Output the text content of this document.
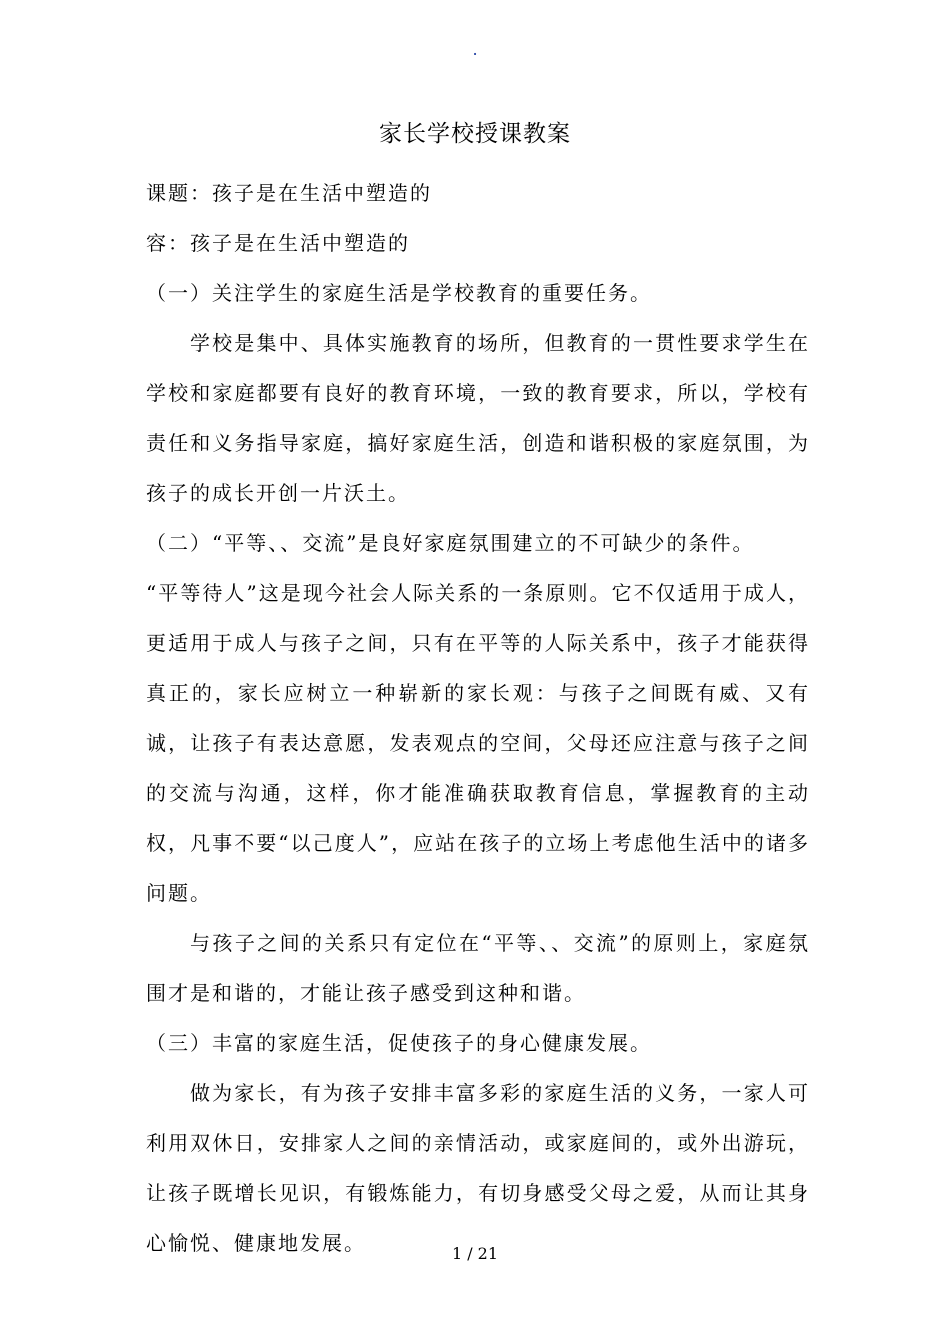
.
家长学校授课教案

课题：孩子是在生活中塑造的

容：孩子是在生活中塑造的

（一）关注学生的家庭生活是学校教育的重要任务。

学校是集中、具体实施教育的场所，但教育的一贯性要求学生在学校和家庭都要有良好的教育环境，一致的教育要求，所以，学校有责任和义务指导家庭，搞好家庭生活，创造和谐积极的家庭氛围，为孩子的成长开创一片沃土。

（二）“平等、、交流”是良好家庭氛围建立的不可缺少的条件。

“平等待人”这是现今社会人际关系的一条原则。它不仅适用于成人，更适用于成人与孩子之间，只有在平等的人际关系中，孩子才能获得真正的，家长应树立一种崭新的家长观：与孩子之间既有威、又有诚，让孩子有表达意愿，发表观点的空间，父母还应注意与孩子之间的交流与沟通，这样，你才能准确获取教育信息，掌握教育的主动权，凡事不要“以己度人”，应站在孩子的立场上考虑他生活中的诸多问题。

与孩子之间的关系只有定位在“平等、、交流”的原则上，家庭氛围才是和谐的，才能让孩子感受到这种和谐。

（三）丰富的家庭生活，促使孩子的身心健康发展。

做为家长，有为孩子安排丰富多彩的家庭生活的义务，一家人可利用双休日，安排家人之间的亲情活动，或家庭间的，或外出游玩，让孩子既增长见识，有锻炼能力，有切身感受父母之爱，从而让其身心愉悦、健康地发展。	1 / 21
